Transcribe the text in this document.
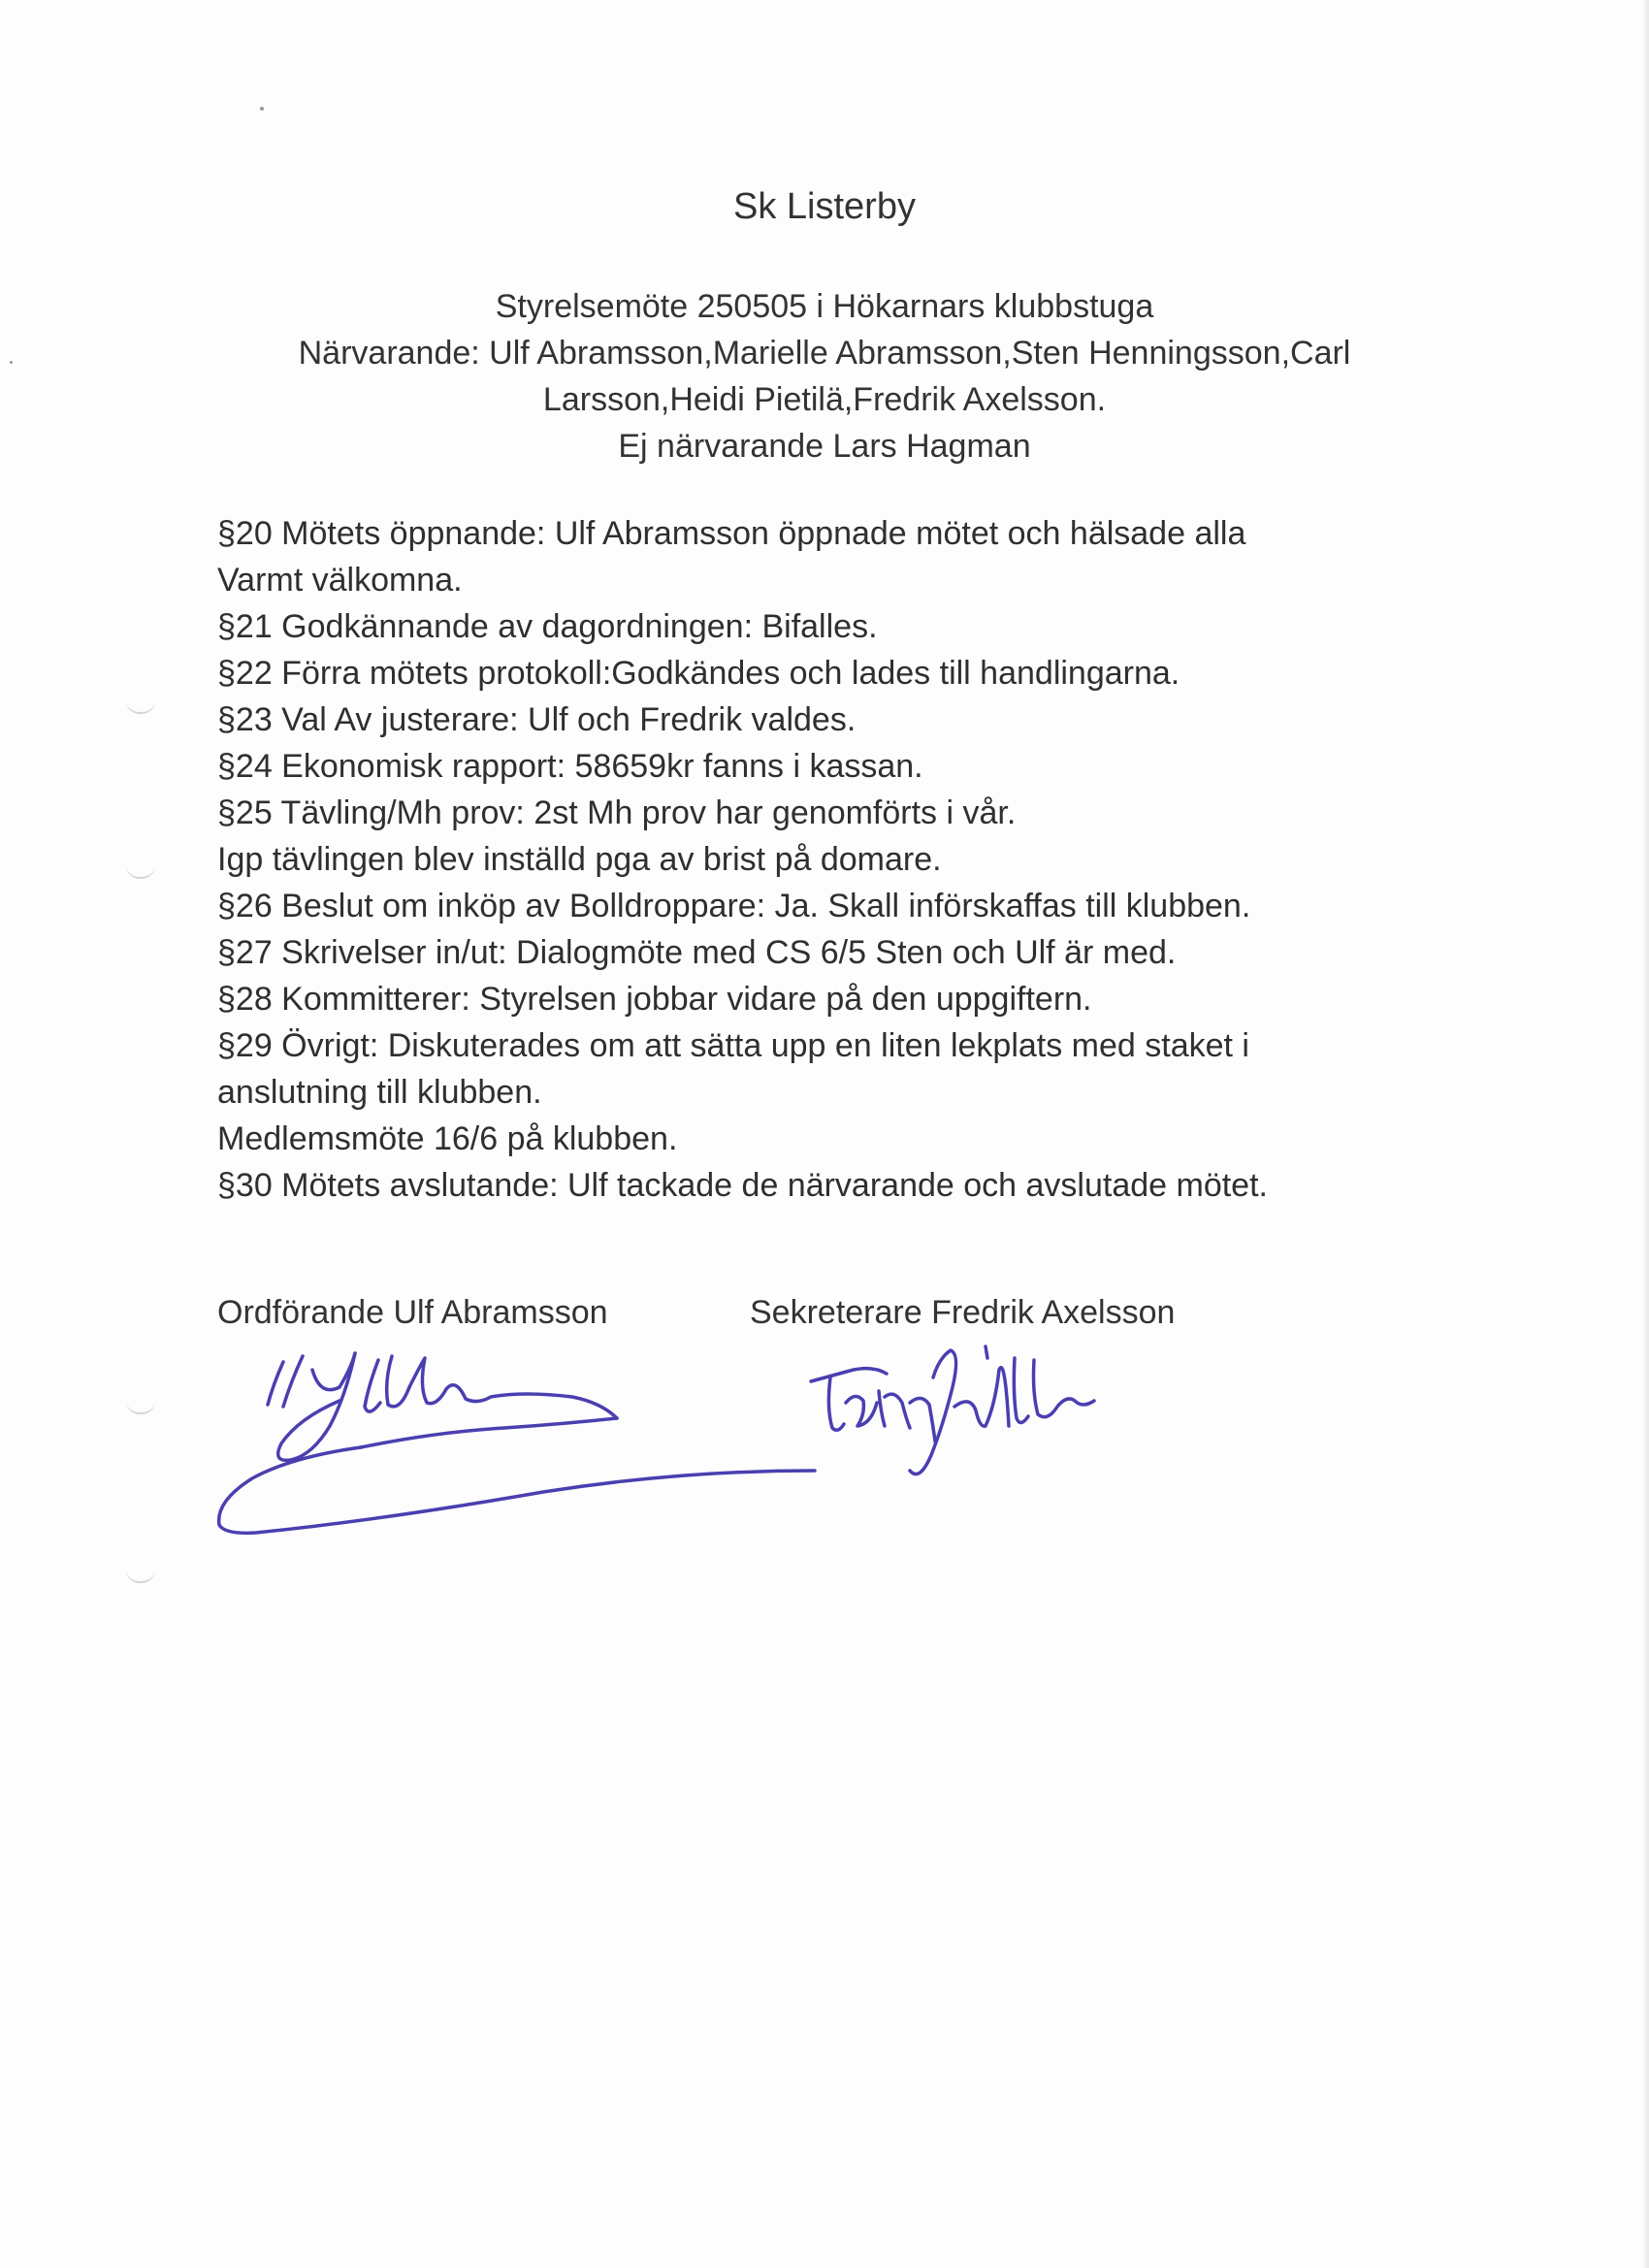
Sk Listerby
Styrelsemöte 250505 i Hökarnars klubbstuga
Närvarande: Ulf Abramsson,Marielle Abramsson,Sten Henningsson,Carl
Larsson,Heidi Pietilä,Fredrik Axelsson.
Ej närvarande Lars Hagman
§20 Mötets öppnande: Ulf Abramsson öppnade mötet och hälsade alla
Varmt välkomna.
§21 Godkännande av dagordningen: Bifalles.
§22 Förra mötets protokoll:Godkändes och lades till handlingarna.
§23 Val Av justerare: Ulf och Fredrik valdes.
§24 Ekonomisk rapport: 58659kr fanns i kassan.
§25 Tävling/Mh prov: 2st Mh prov har genomförts i vår.
Igp tävlingen blev inställd pga av brist på domare.
§26 Beslut om inköp av Bolldroppare: Ja. Skall införskaffas till klubben.
§27 Skrivelser in/ut: Dialogmöte med CS 6/5 Sten och Ulf är med.
§28 Kommitterer: Styrelsen jobbar vidare på den uppgiftern.
§29 Övrigt: Diskuterades om att sätta upp en liten lekplats med staket i
anslutning till klubben.
Medlemsmöte 16/6 på klubben.
§30 Mötets avslutande: Ulf tackade de närvarande och avslutade mötet.
Ordförande Ulf Abramsson	Sekreterare Fredrik Axelsson
